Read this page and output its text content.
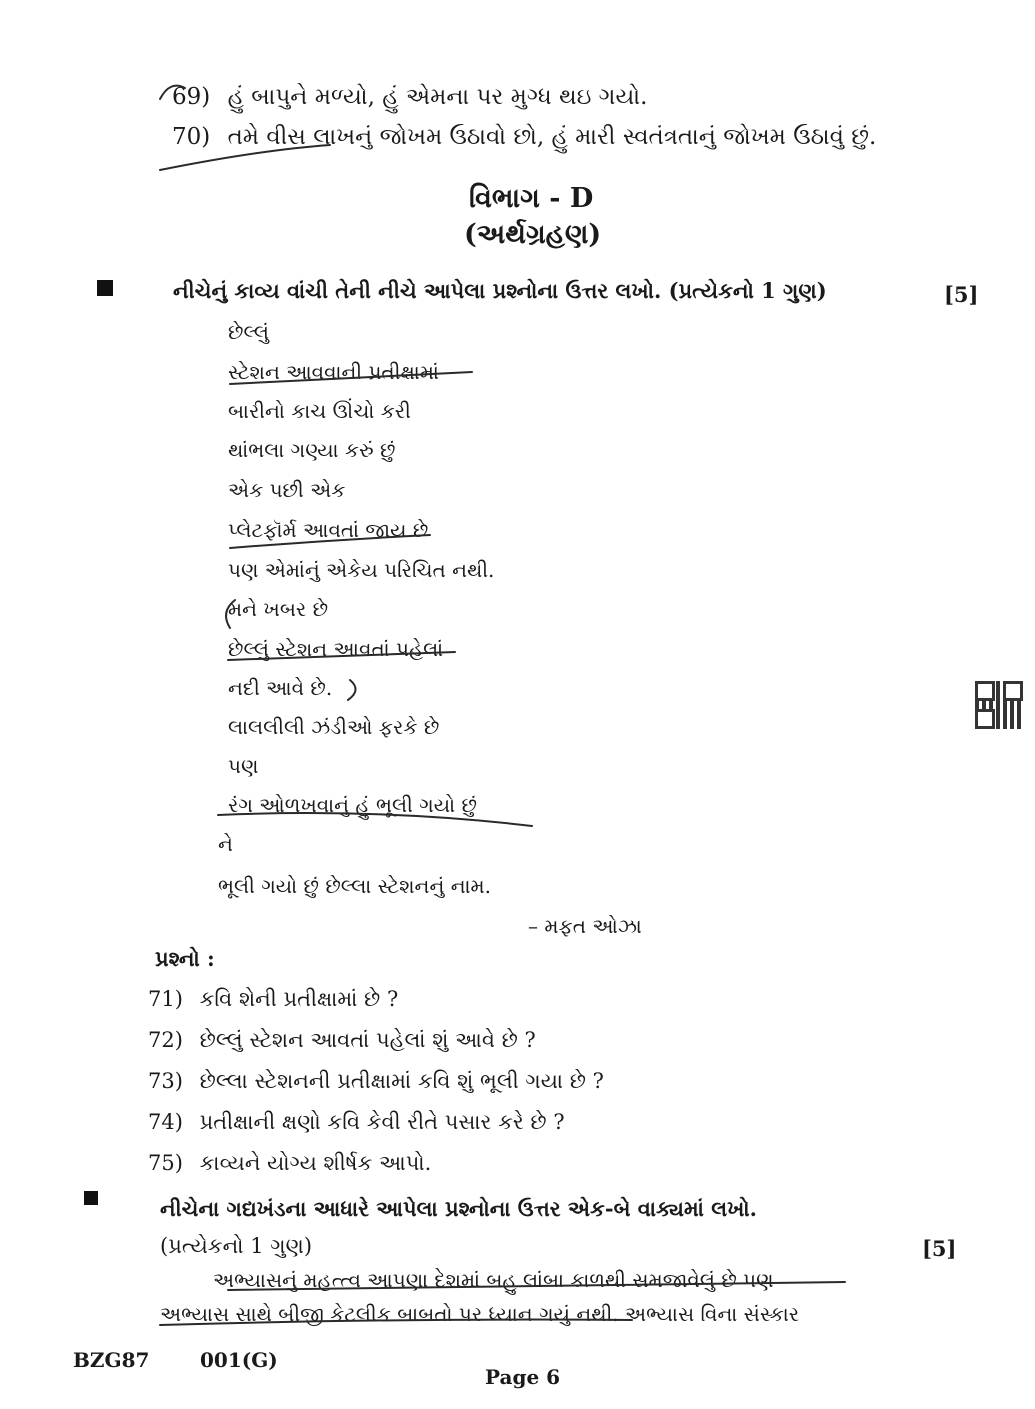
69) હું બાપુને મળ્યો, હું એમના પર મુગ્ધ થઇ ગયો.
70) તમે વીસ લાખનું જોખમ ઉઠાવો છો, હું મારી સ્વતંત્રતાનું જોખમ ઉઠાવું છું.
વિભાગ - D
(અર્થગ્રહણ)
નીચેનું કાવ્ય વાંચી તેની નીચે આપેલા પ્રશ્નોના ઉત્તર લખો. (પ્રત્યેકનો 1 ગુણ)	[5]
છેલ્લું
સ્ટેશન આવવાની પ્રતીક્ષામાં
બારીનો કાચ ઊંચો કરી
થાંભલા ગણ્યા કરું છું
એક પછી એક
પ્લેટફૉર્મ આવતાં જાય છે
પણ એમાંનું એકેય પરિચિત નથી.
મને ખબર છે
છેલ્લું સ્ટેશન આવતાં પહેલાં
નદી આવે છે.
લાલલીલી ઝંડીઓ ફરકે છે
પણ
રંગ ઓળખવાનું હું ભૂલી ગયો છું
ને
ભૂલી ગયો છું છેલ્લા સ્ટેશનનું નામ.
– મફત ઓઝા
પ્રશ્નો :
71) કવિ શેની પ્રતીક્ષામાં છે ?
72) છેલ્લું સ્ટેશન આવતાં પહેલાં શું આવે છે ?
73) છેલ્લા સ્ટેશનની પ્રતીક્ષામાં કવિ શું ભૂલી ગયા છે ?
74) પ્રતીક્ષાની ક્ષણો કવિ કેવી રીતે પસાર કરે છે ?
75) કાવ્યને યોગ્ય શીર્ષક આપો.
નીચેના ગદ્યખંડના આધારે આપેલા પ્રશ્નોના ઉત્તર એક-બે વાક્યમાં લખો.
(પ્રત્યેકનો 1 ગુણ)	[5]
અભ્યાસનું મહત્ત્વ આપણા દેશમાં બહુ લાંબા કાળથી સમજાવેલું છે પણ
અભ્યાસ સાથે બીજી કેટલીક બાબતો પર ધ્યાન ગયું નથી. અભ્યાસ વિના સંસ્કાર
BZG87	001(G)
Page 6
